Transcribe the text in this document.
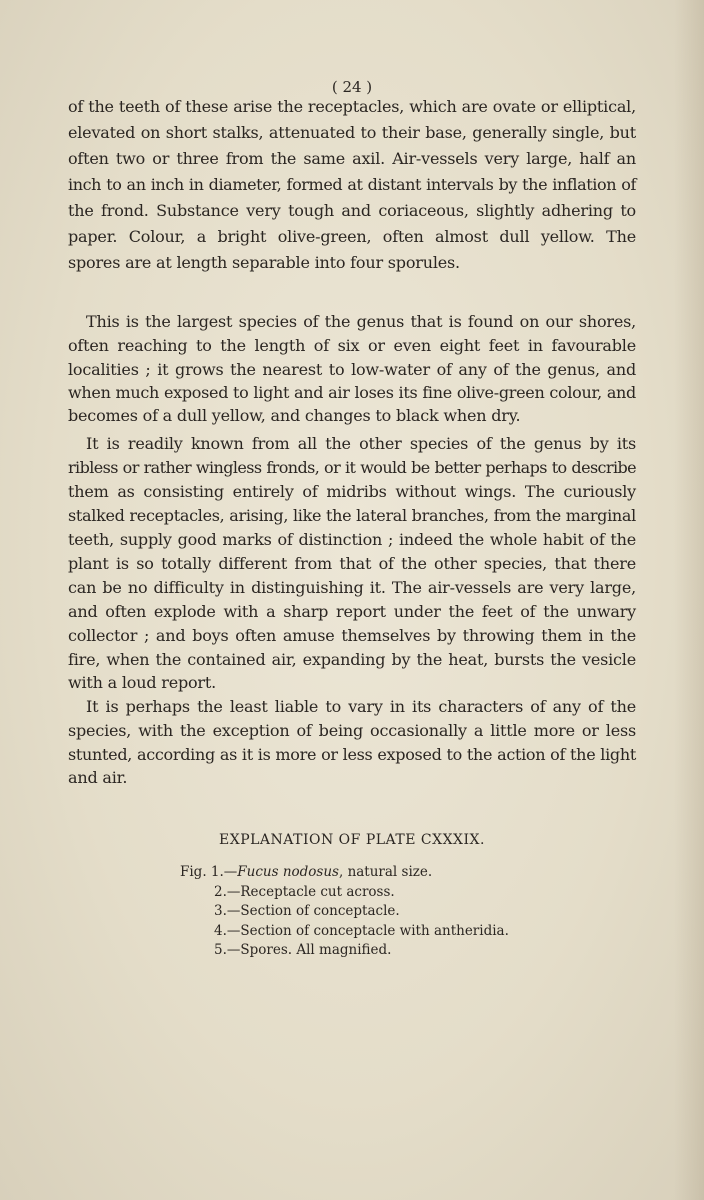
( 24 )
of the teeth of these arise the receptacles, which are ovate or elliptical,
elevated on short stalks, attenuated to their base, generally single, but
often two or three from the same axil. Air-vessels very large, half an
inch to an inch in diameter, formed at distant intervals by the inflation of
the frond. Substance very tough and coriaceous, slightly adhering to
paper. Colour, a bright olive-green, often almost dull yellow. The
spores are at length separable into four sporules.
This is the largest species of the genus that is found on our shores,
often reaching to the length of six or even eight feet in favourable
localities ; it grows the nearest to low-water of any of the genus, and
when much exposed to light and air loses its fine olive-green colour, and
becomes of a dull yellow, and changes to black when dry.
It is readily known from all the other species of the genus by its
ribless or rather wingless fronds, or it would be better perhaps to describe
them as consisting entirely of midribs without wings. The curiously
stalked receptacles, arising, like the lateral branches, from the marginal
teeth, supply good marks of distinction ; indeed the whole habit of the
plant is so totally different from that of the other species, that there
can be no difficulty in distinguishing it. The air-vessels are very large,
and often explode with a sharp report under the feet of the unwary
collector ; and boys often amuse themselves by throwing them in the
fire, when the contained air, expanding by the heat, bursts the vesicle
with a loud report.
It is perhaps the least liable to vary in its characters of any of the
species, with the exception of being occasionally a little more or less
stunted, according as it is more or less exposed to the action of the light
and air.
EXPLANATION OF PLATE CXXXIX.
Fig. 1.—Fucus nodosus, natural size.
2.—Receptacle cut across.
3.—Section of conceptacle.
4.—Section of conceptacle with antheridia.
5.—Spores. All magnified.
